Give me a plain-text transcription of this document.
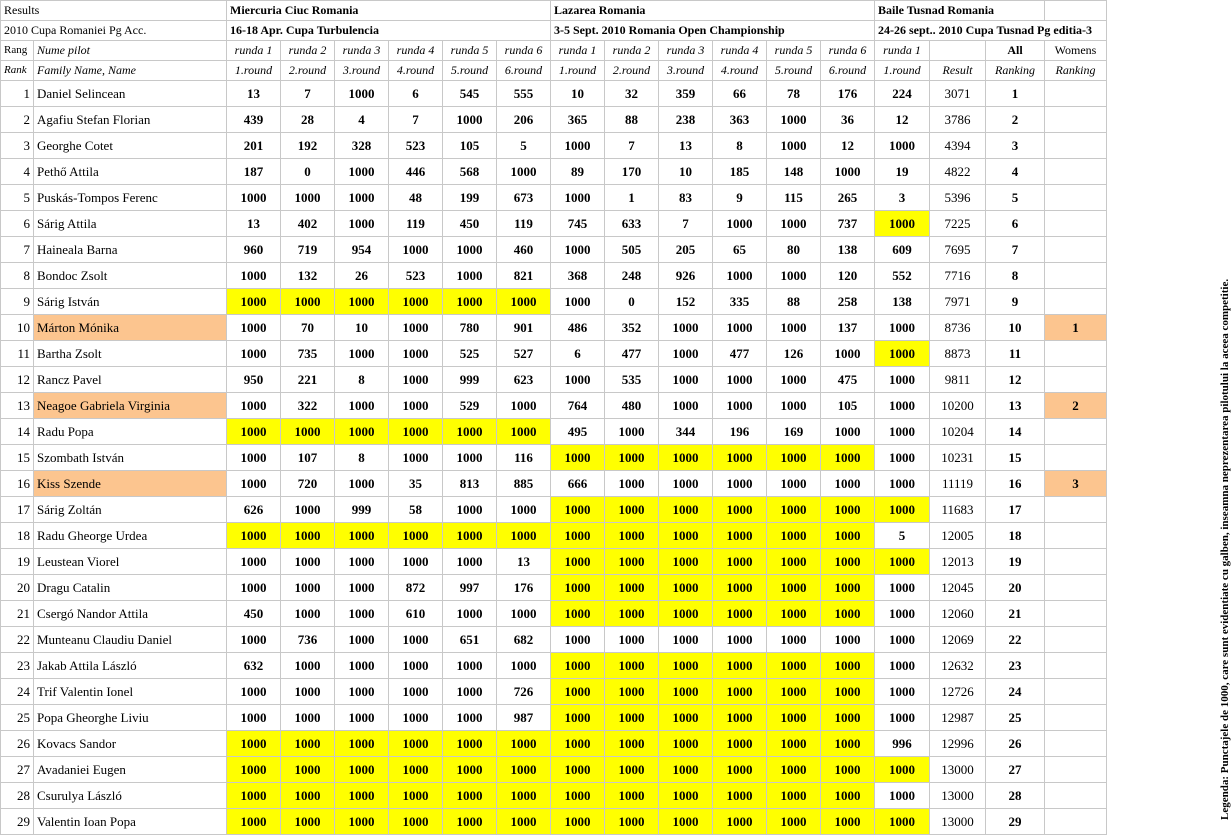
Results		Miercuria Ciuc Romania						Lazarea Romania						Baile Tusnad Romania			
2010 Cupa Romaniei Pg Acc.		16-18 Apr. Cupa Turbulencia						3-5 Sept. 2010 Romania Open Championship						24-26 sept.. 2010 Cupa Tusnad Pg editia-3			
Rang	Nume pilot	runda 1	runda 2	runda 3	runda 4	runda 5	runda 6	runda 1	runda 2	runda 3	runda 4	runda 5	runda 6	runda 1		All	Womens
Rank	Family Name, Name	1.round	2.round	3.round	4.round	5.round	6.round	1.round	2.round	3.round	4.round	5.round	6.round	1.round	Result	Ranking	Ranking
1	Daniel Selincean	13	7	1000	6	545	555	10	32	359	66	78	176	224	3071	1	
2	Agafiu Stefan Florian	439	28	4	7	1000	206	365	88	238	363	1000	36	12	3786	2	
3	Georghe Cotet	201	192	328	523	105	5	1000	7	13	8	1000	12	1000	4394	3	
4	Pethő Attila	187	0	1000	446	568	1000	89	170	10	185	148	1000	19	4822	4	
5	Puskás-Tompos Ferenc	1000	1000	1000	48	199	673	1000	1	83	9	115	265	3	5396	5	
6	Sárig Attila	13	402	1000	119	450	119	745	633	7	1000	1000	737	1000	7225	6	
7	Haineala Barna	960	719	954	1000	1000	460	1000	505	205	65	80	138	609	7695	7	
8	Bondoc Zsolt	1000	132	26	523	1000	821	368	248	926	1000	1000	120	552	7716	8	
9	Sárig István	1000	1000	1000	1000	1000	1000	1000	0	152	335	88	258	138	7971	9	
10	Márton Mónika	1000	70	10	1000	780	901	486	352	1000	1000	1000	137	1000	8736	10	1
11	Bartha Zsolt	1000	735	1000	1000	525	527	6	477	1000	477	126	1000	1000	8873	11	
12	Rancz Pavel	950	221	8	1000	999	623	1000	535	1000	1000	1000	475	1000	9811	12	
13	Neagoe Gabriela Virginia	1000	322	1000	1000	529	1000	764	480	1000	1000	1000	105	1000	10200	13	2
14	Radu Popa	1000	1000	1000	1000	1000	1000	495	1000	344	196	169	1000	1000	10204	14	
15	Szombath István	1000	107	8	1000	1000	116	1000	1000	1000	1000	1000	1000	1000	10231	15	
16	Kiss Szende	1000	720	1000	35	813	885	666	1000	1000	1000	1000	1000	1000	11119	16	3
17	Sárig Zoltán	626	1000	999	58	1000	1000	1000	1000	1000	1000	1000	1000	1000	11683	17	
18	Radu Gheorge Urdea	1000	1000	1000	1000	1000	1000	1000	1000	1000	1000	1000	1000	5	12005	18	
19	Leustean Viorel	1000	1000	1000	1000	1000	13	1000	1000	1000	1000	1000	1000	1000	12013	19	
20	Dragu Catalin	1000	1000	1000	872	997	176	1000	1000	1000	1000	1000	1000	1000	12045	20	
21	Csergó Nandor Attila	450	1000	1000	610	1000	1000	1000	1000	1000	1000	1000	1000	1000	12060	21	
22	Munteanu Claudiu Daniel	1000	736	1000	1000	651	682	1000	1000	1000	1000	1000	1000	1000	12069	22	
23	Jakab Attila László	632	1000	1000	1000	1000	1000	1000	1000	1000	1000	1000	1000	1000	12632	23	
24	Trif Valentin Ionel	1000	1000	1000	1000	1000	726	1000	1000	1000	1000	1000	1000	1000	12726	24	
25	Popa Gheorghe Liviu	1000	1000	1000	1000	1000	987	1000	1000	1000	1000	1000	1000	1000	12987	25	
26	Kovacs Sandor	1000	1000	1000	1000	1000	1000	1000	1000	1000	1000	1000	1000	996	12996	26	
27	Avadaniei Eugen	1000	1000	1000	1000	1000	1000	1000	1000	1000	1000	1000	1000	1000	13000	27	
28	Csurulya László	1000	1000	1000	1000	1000	1000	1000	1000	1000	1000	1000	1000	1000	13000	28	
29	Valentin Ioan Popa	1000	1000	1000	1000	1000	1000	1000	1000	1000	1000	1000	1000	1000	13000	29	
Legenda: Punctajele de 1000, care sunt evidentiate cu galben, inseamna neprezentarea pilotului la aceea competitie.
